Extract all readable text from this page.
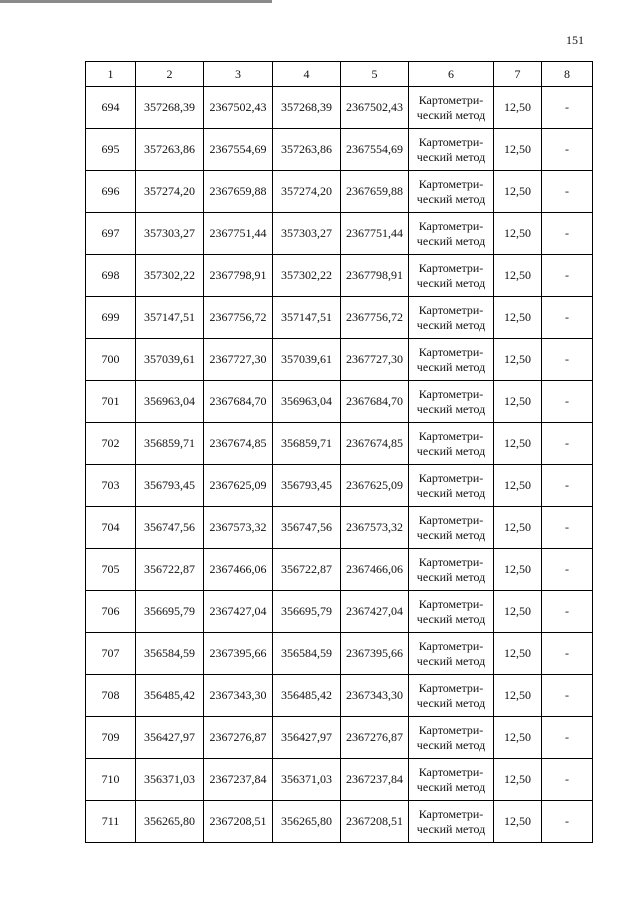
151
1	2	3	4	5	6	7	8
694	357268,39	2367502,43	357268,39	2367502,43	Картометри-
ческий метод	12,50	-
695	357263,86	2367554,69	357263,86	2367554,69	Картометри-
ческий метод	12,50	-
696	357274,20	2367659,88	357274,20	2367659,88	Картометри-
ческий метод	12,50	-
697	357303,27	2367751,44	357303,27	2367751,44	Картометри-
ческий метод	12,50	-
698	357302,22	2367798,91	357302,22	2367798,91	Картометри-
ческий метод	12,50	-
699	357147,51	2367756,72	357147,51	2367756,72	Картометри-
ческий метод	12,50	-
700	357039,61	2367727,30	357039,61	2367727,30	Картометри-
ческий метод	12,50	-
701	356963,04	2367684,70	356963,04	2367684,70	Картометри-
ческий метод	12,50	-
702	356859,71	2367674,85	356859,71	2367674,85	Картометри-
ческий метод	12,50	-
703	356793,45	2367625,09	356793,45	2367625,09	Картометри-
ческий метод	12,50	-
704	356747,56	2367573,32	356747,56	2367573,32	Картометри-
ческий метод	12,50	-
705	356722,87	2367466,06	356722,87	2367466,06	Картометри-
ческий метод	12,50	-
706	356695,79	2367427,04	356695,79	2367427,04	Картометри-
ческий метод	12,50	-
707	356584,59	2367395,66	356584,59	2367395,66	Картометри-
ческий метод	12,50	-
708	356485,42	2367343,30	356485,42	2367343,30	Картометри-
ческий метод	12,50	-
709	356427,97	2367276,87	356427,97	2367276,87	Картометри-
ческий метод	12,50	-
710	356371,03	2367237,84	356371,03	2367237,84	Картометри-
ческий метод	12,50	-
711	356265,80	2367208,51	356265,80	2367208,51	Картометри-
ческий метод	12,50	-
